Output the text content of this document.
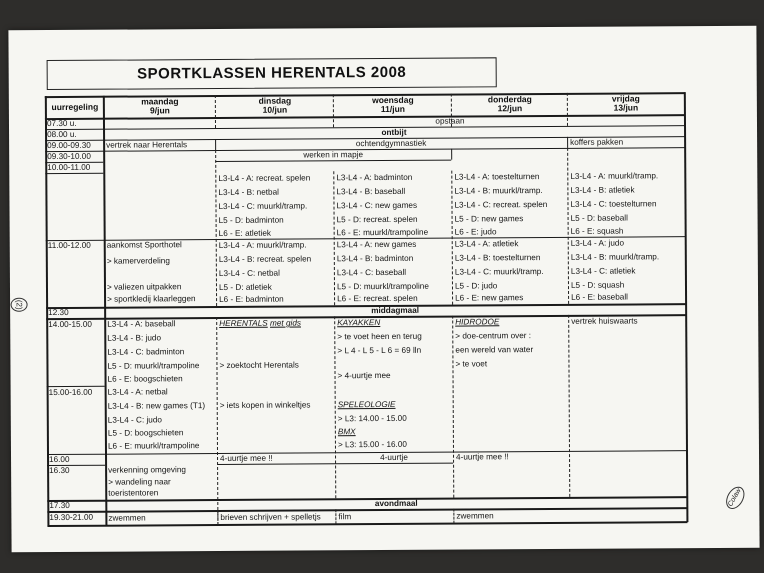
(2)
Colaw
SPORTKLASSEN HERENTALS 2008
uurregeling
maandag
9/jun
dinsdag
10/jun
woensdag
11/jun
donderdag
12/jun
vrijdag
13/jun
07.30 u.
08.00 u.
09.00-09.30
09.30-10.00
10.00-11.00
11.00-12.00
12.30
14.00-15.00
15.00-16.00
16.00
16.30
17.30
19.30-21.00
opstaan
ontbijt
ochtendgymnastiek
werken in mapje
middagmaal
avondmaal
vertrek naar Herentals
aankomst Sporthotel
> kamerverdeling
> valiezen uitpakken
> sportkledij klaarleggen
L3-L4 - A: baseball
L3-L4 - B: judo
L3-L4 - C: badminton
L5 - D: muurkl/trampoline
L6 - E: boogschieten
L3-L4 - A: netbal
L3-L4 - B: new games (T1)
L3-L4 - C: judo
L5 - D: boogschieten
L6 - E: muurkl/trampoline
verkenning omgeving
> wandeling naar
toeristentoren
zwemmen
L3-L4 - A: recreat. spelen
L3-L4 - B: netbal
L3-L4 - C: muurkl/tramp.
L5 - D: badminton
L6 - E: atletiek
L3-L4 - A: muurkl/tramp.
L3-L4 - B: recreat. spelen
L3-L4 - C: netbal
L5 - D: atletiek
L6 - E: badminton
HERENTALS met gids
> zoektocht Herentals
> iets kopen in winkeltjes
4-uurtje mee !!
brieven schrijven + spelletjs
L3-L4 - A: badminton
L3-L4 - B: baseball
L3-L4 - C: new games
L5 - D: recreat. spelen
L6 - E: muurkl/trampoline
L3-L4 - A: new games
L3-L4 - B: badminton
L3-L4 - C: baseball
L5 - D: muurkl/trampoline
L6 - E: recreat. spelen
KAYAKKEN
> te voet heen en terug
> L 4 - L 5 - L 6 = 69 lln
> 4-uurtje mee
SPELEOLOGIE
> L3: 14.00 - 15.00
BMX
> L3: 15.00 - 16.00
4-uurtje
film
L3-L4 - A: toestelturnen
L3-L4 - B: muurkl/tramp.
L3-L4 - C: recreat. spelen
L5 - D: new games
L6 - E: judo
L3-L4 - A: atletiek
L3-L4 - B: toestelturnen
L3-L4 - C: muurkl/tramp.
L5 - D: judo
L6 - E: new games
HIDRODOE
> doe-centrum over :
een wereld van water
> te voet
4-uurtje mee !!
zwemmen
koffers pakken
L3-L4 - A: muurkl/tramp.
L3-L4 - B: atletiek
L3-L4 - C: toestelturnen
L5 - D: baseball
L6 - E: squash
L3-L4 - A: judo
L3-L4 - B: muurkl/tramp.
L3-L4 - C: atletiek
L5 - D: squash
L6 - E: baseball
vertrek huiswaarts
